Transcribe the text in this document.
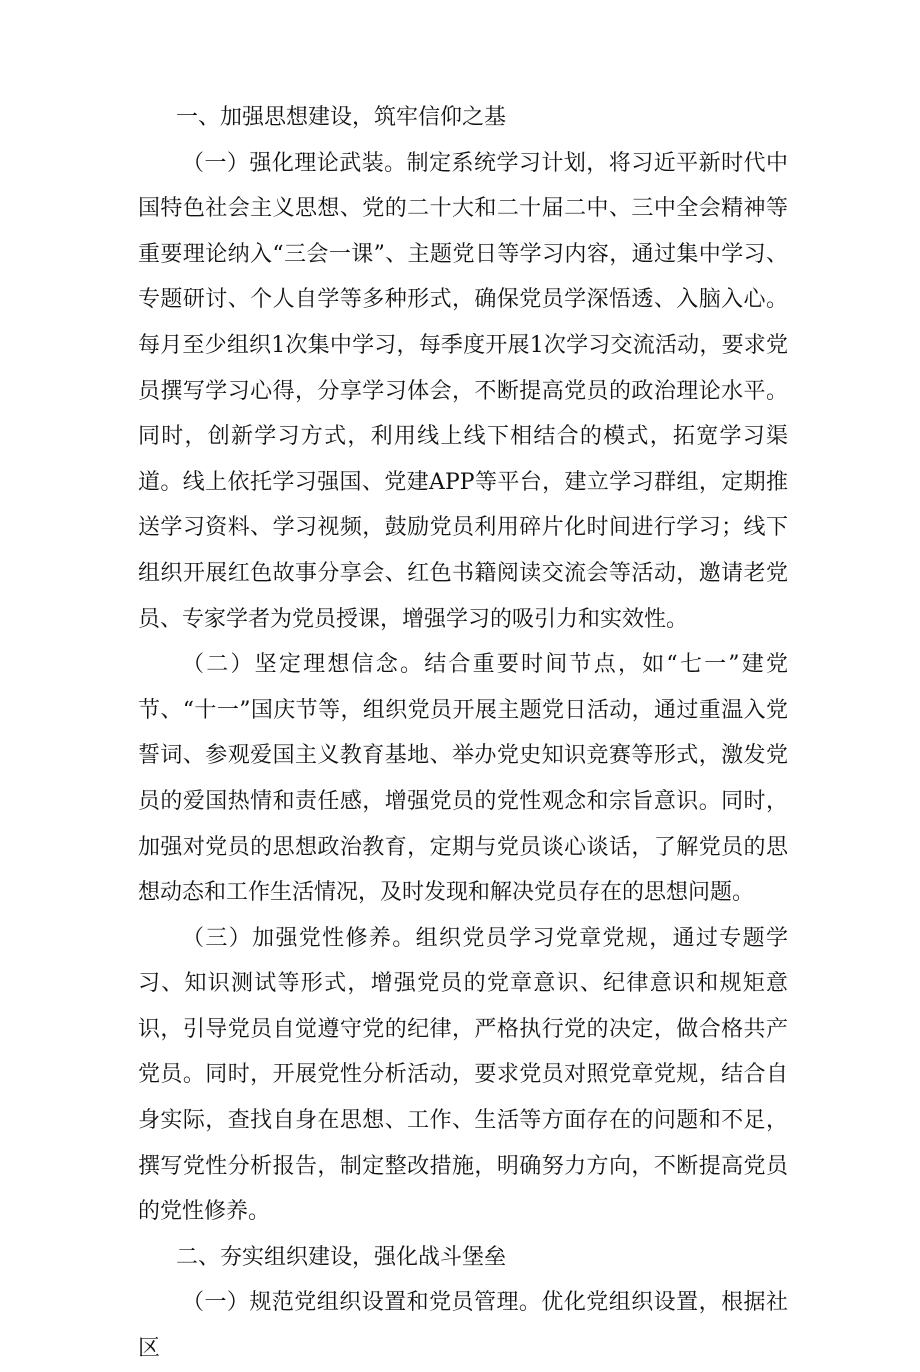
一、加强思想建设，筑牢信仰之基

（一）强化理论武装。制定系统学习计划，将习近平新时代中国特色社会主义思想、党的二十大和二十届二中、三中全会精神等重要理论纳入“三会一课”、主题党日等学习内容，通过集中学习、专题研讨、个人自学等多种形式，确保党员学深悟透、入脑入心。每月至少组织1次集中学习，每季度开展1次学习交流活动，要求党员撰写学习心得，分享学习体会，不断提高党员的政治理论水平。同时，创新学习方式，利用线上线下相结合的模式，拓宽学习渠道。线上依托学习强国、党建APP等平台，建立学习群组，定期推送学习资料、学习视频，鼓励党员利用碎片化时间进行学习；线下组织开展红色故事分享会、红色书籍阅读交流会等活动，邀请老党员、专家学者为党员授课，增强学习的吸引力和实效性。

（二）坚定理想信念。结合重要时间节点，如“七一”建党节、“十一”国庆节等，组织党员开展主题党日活动，通过重温入党誓词、参观爱国主义教育基地、举办党史知识竞赛等形式，激发党员的爱国热情和责任感，增强党员的党性观念和宗旨意识。同时，加强对党员的思想政治教育，定期与党员谈心谈话，了解党员的思想动态和工作生活情况，及时发现和解决党员存在的思想问题。

（三）加强党性修养。组织党员学习党章党规，通过专题学习、知识测试等形式，增强党员的党章意识、纪律意识和规矩意识，引导党员自觉遵守党的纪律，严格执行党的决定，做合格共产党员。同时，开展党性分析活动，要求党员对照党章党规，结合自身实际，查找自身在思想、工作、生活等方面存在的问题和不足，撰写党性分析报告，制定整改措施，明确努力方向，不断提高党员的党性修养。

二、夯实组织建设，强化战斗堡垒

（一）规范党组织设置和党员管理。优化党组织设置，根据社区
